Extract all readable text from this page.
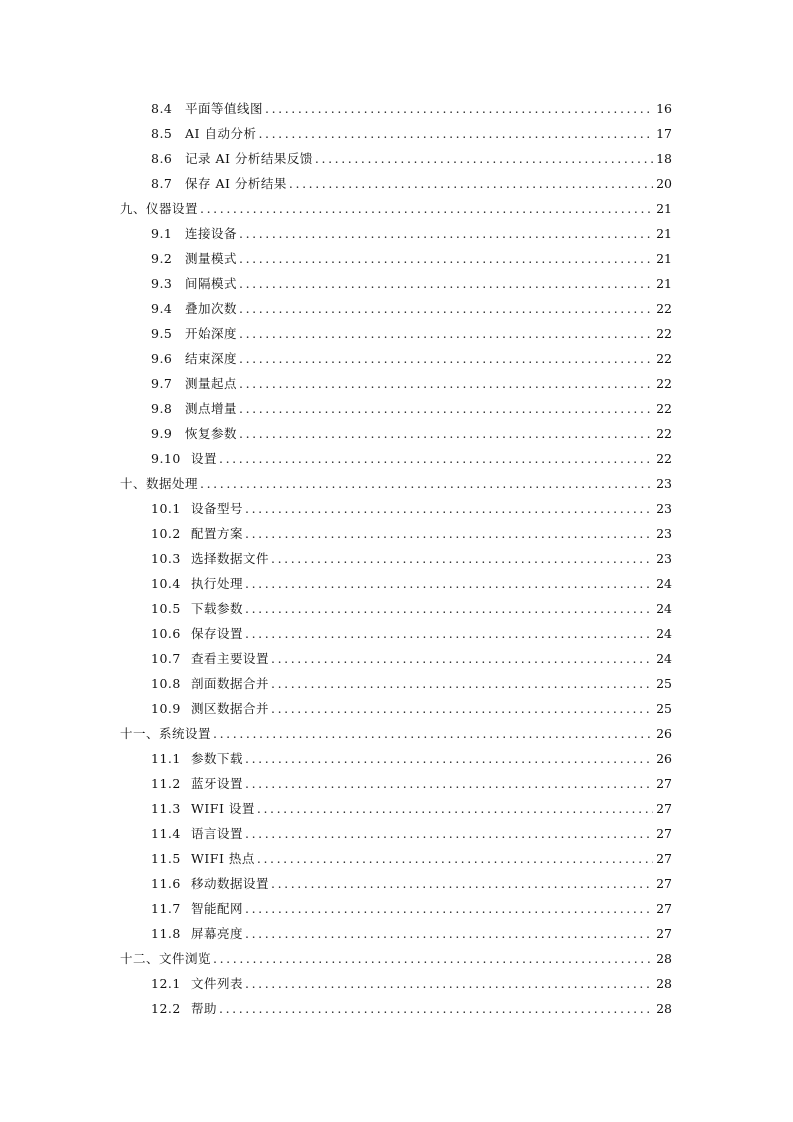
8.4	平面等值线图 .....	16
8.5	AI 自动分析 .....	17
8.6	记录 AI 分析结果反馈 .....	18
8.7	保存 AI 分析结果 .....	20
九、 仪器设置 .....	21
9.1	连接设备 .....	21
9.2	测量模式 .....	21
9.3	间隔模式 .....	21
9.4	叠加次数 .....	22
9.5	开始深度 .....	22
9.6	结束深度 .....	22
9.7	测量起点 .....	22
9.8	测点增量 .....	22
9.9	恢复参数 .....	22
9.10 设置 .....	22
十、 数据处理 .....	23
10.1 设备型号 .....	23
10.2 配置方案 .....	23
10.3 选择数据文件 .....	23
10.4 执行处理 .....	24
10.5 下载参数 .....	24
10.6 保存设置 .....	24
10.7 查看主要设置 .....	24
10.8 剖面数据合并 .....	25
10.9 测区数据合并 .....	25
十一、 系统设置 .....	26
11.1 参数下载 .....	26
11.2 蓝牙设置 .....	27
11.3 WIFI 设置 .....	27
11.4 语言设置 .....	27
11.5 WIFI 热点 .....	27
11.6 移动数据设置 .....	27
11.7 智能配网 .....	27
11.8 屏幕亮度 .....	27
十二、 文件浏览 .....	28
12.1 文件列表 .....	28
12.2 帮助 .....	28
